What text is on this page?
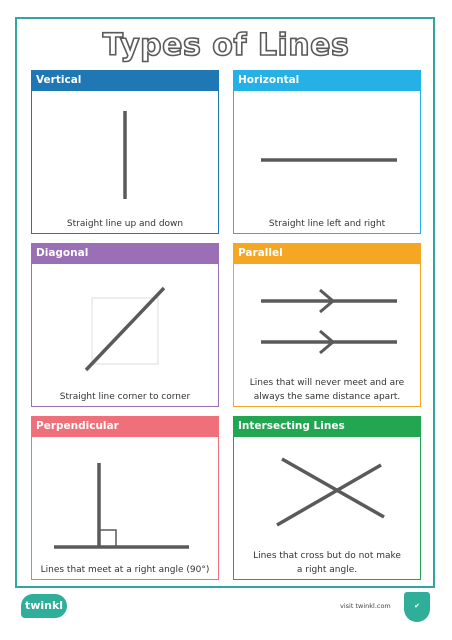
Types of Lines
Vertical
Straight line up and down
Horizontal
Straight line left and right
Diagonal
Straight line corner to corner
Parallel
Lines that will never meet and are
always the same distance apart.
Perpendicular
Lines that meet at a right angle (90°)
Intersecting Lines
Lines that cross but do not make
a right angle.
twinkl	visit twinkl.com	✔
